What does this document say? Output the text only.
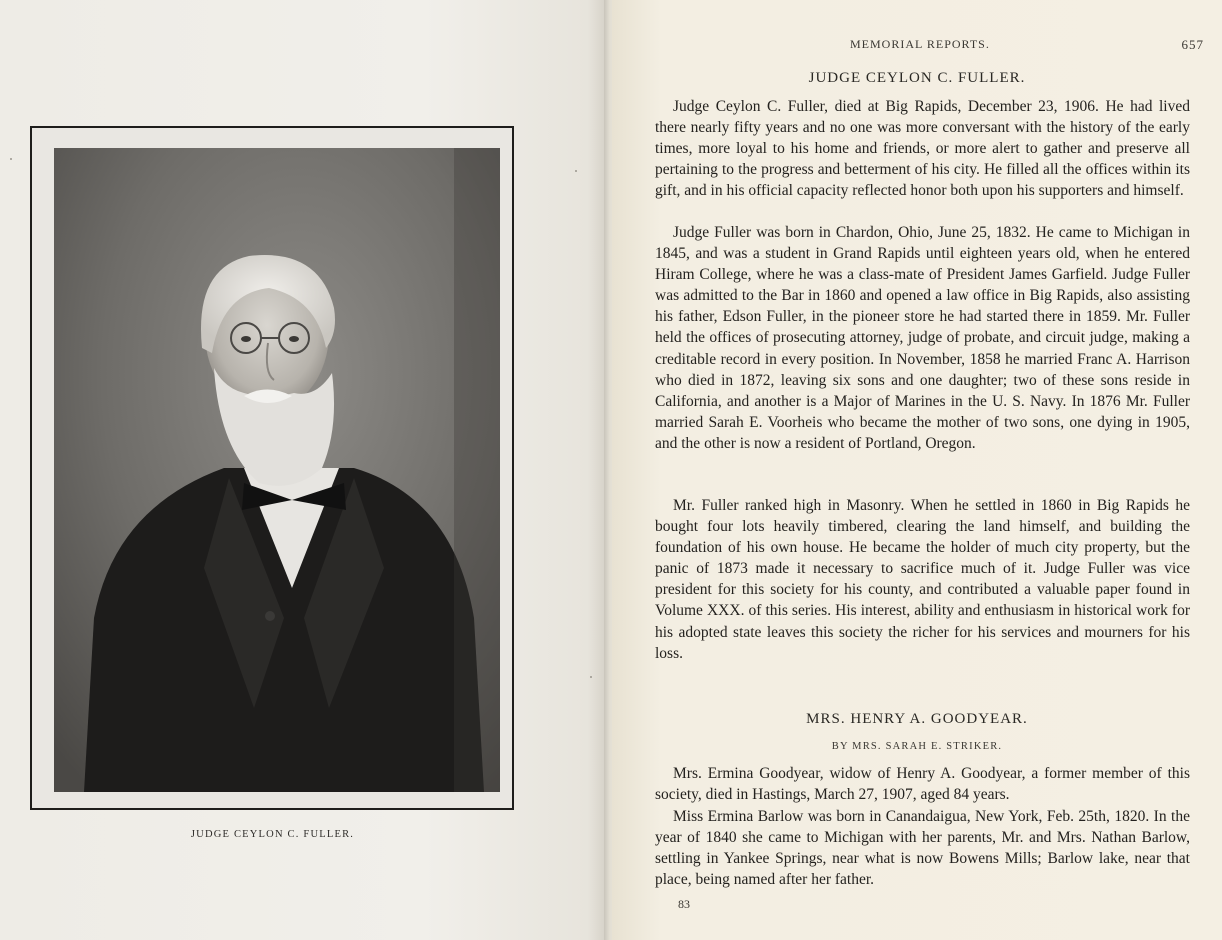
JUDGE CEYLON C. FULLER.
MEMORIAL REPORTS.	657
JUDGE CEYLON C. FULLER.

Judge Ceylon C. Fuller, died at Big Rapids, December 23, 1906. He had lived there nearly fifty years and no one was more conversant with the history of the early times, more loyal to his home and friends, or more alert to gather and preserve all pertaining to the progress and betterment of his city. He filled all the offices within its gift, and in his official capacity reflected honor both upon his supporters and himself.

Judge Fuller was born in Chardon, Ohio, June 25, 1832. He came to Michigan in 1845, and was a student in Grand Rapids until eighteen years old, when he entered Hiram College, where he was a class-mate of President James Garfield. Judge Fuller was admitted to the Bar in 1860 and opened a law office in Big Rapids, also assisting his father, Edson Fuller, in the pioneer store he had started there in 1859. Mr. Fuller held the offices of prosecuting attorney, judge of probate, and circuit judge, making a creditable record in every position. In November, 1858 he married Franc A. Harrison who died in 1872, leaving six sons and one daughter; two of these sons reside in California, and another is a Major of Marines in the U. S. Navy. In 1876 Mr. Fuller married Sarah E. Voorheis who became the mother of two sons, one dying in 1905, and the other is now a resident of Portland, Oregon.

Mr. Fuller ranked high in Masonry. When he settled in 1860 in Big Rapids he bought four lots heavily timbered, clearing the land himself, and building the foundation of his own house. He became the holder of much city property, but the panic of 1873 made it necessary to sacrifice much of it. Judge Fuller was vice president for this society for his county, and contributed a valuable paper found in Volume XXX. of this series. His interest, ability and enthusiasm in historical work for his adopted state leaves this society the richer for his services and mourners for his loss.

MRS. HENRY A. GOODYEAR.
BY MRS. SARAH E. STRIKER.

Mrs. Ermina Goodyear, widow of Henry A. Goodyear, a former member of this society, died in Hastings, March 27, 1907, aged 84 years.

Miss Ermina Barlow was born in Canandaigua, New York, Feb. 25th, 1820. In the year of 1840 she came to Michigan with her parents, Mr. and Mrs. Nathan Barlow, settling in Yankee Springs, near what is now Bowens Mills; Barlow lake, near that place, being named after her father.

83
